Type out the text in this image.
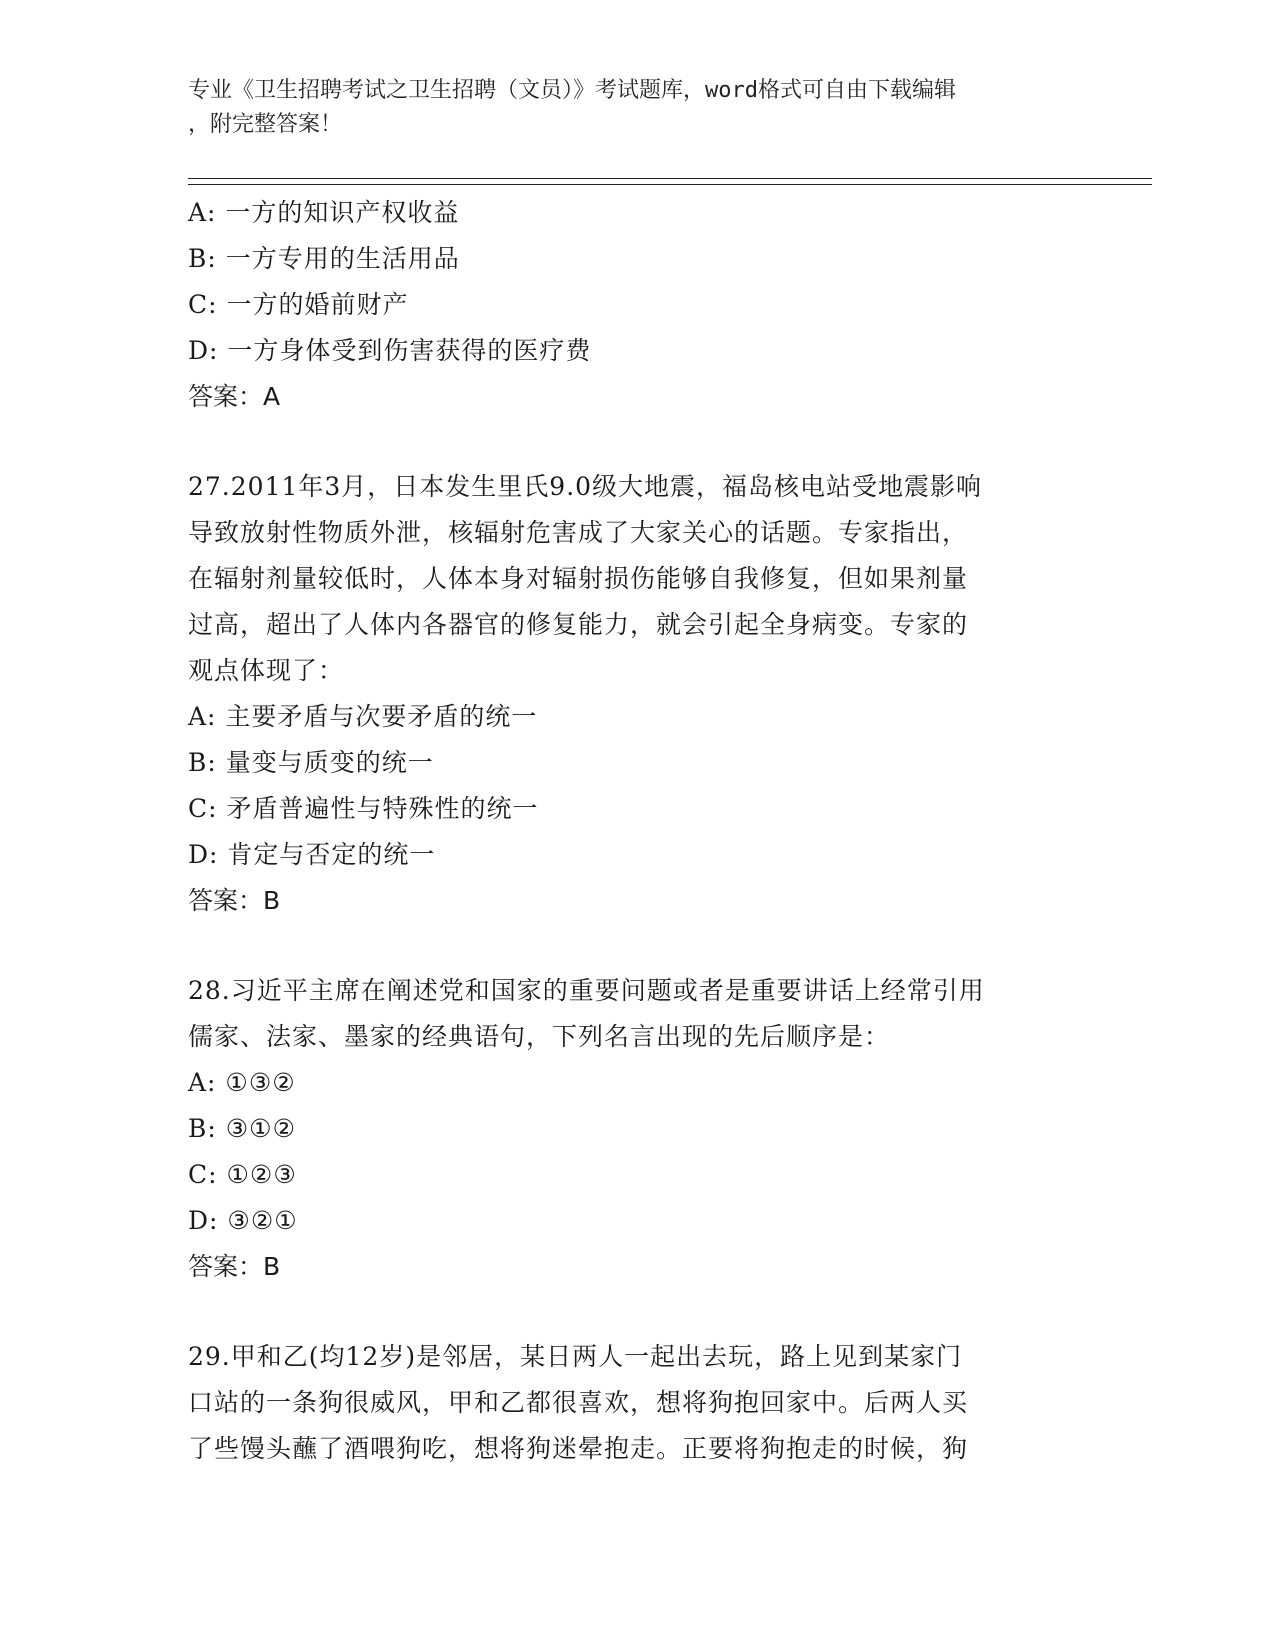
专业《卫生招聘考试之卫生招聘（文员）》考试题库，word格式可自由下载编辑
，附完整答案！
A: 一方的知识产权收益
B: 一方专用的生活用品
C: 一方的婚前财产
D: 一方身体受到伤害获得的医疗费
答案：A
27.2011年3月，日本发生里氏9.0级大地震，福岛核电站受地震影响
导致放射性物质外泄，核辐射危害成了大家关心的话题。专家指出，
在辐射剂量较低时，人体本身对辐射损伤能够自我修复，但如果剂量
过高，超出了人体内各器官的修复能力，就会引起全身病变。专家的
观点体现了：
A: 主要矛盾与次要矛盾的统一
B: 量变与质变的统一
C: 矛盾普遍性与特殊性的统一
D: 肯定与否定的统一
答案：B
28.习近平主席在阐述党和国家的重要问题或者是重要讲话上经常引用
儒家、法家、墨家的经典语句，下列名言出现的先后顺序是：
A: ①③②
B: ③①②
C: ①②③
D: ③②①
答案：B
29.甲和乙(均12岁)是邻居，某日两人一起出去玩，路上见到某家门
口站的一条狗很威风，甲和乙都很喜欢，想将狗抱回家中。后两人买
了些馒头蘸了酒喂狗吃，想将狗迷晕抱走。正要将狗抱走的时候，狗
